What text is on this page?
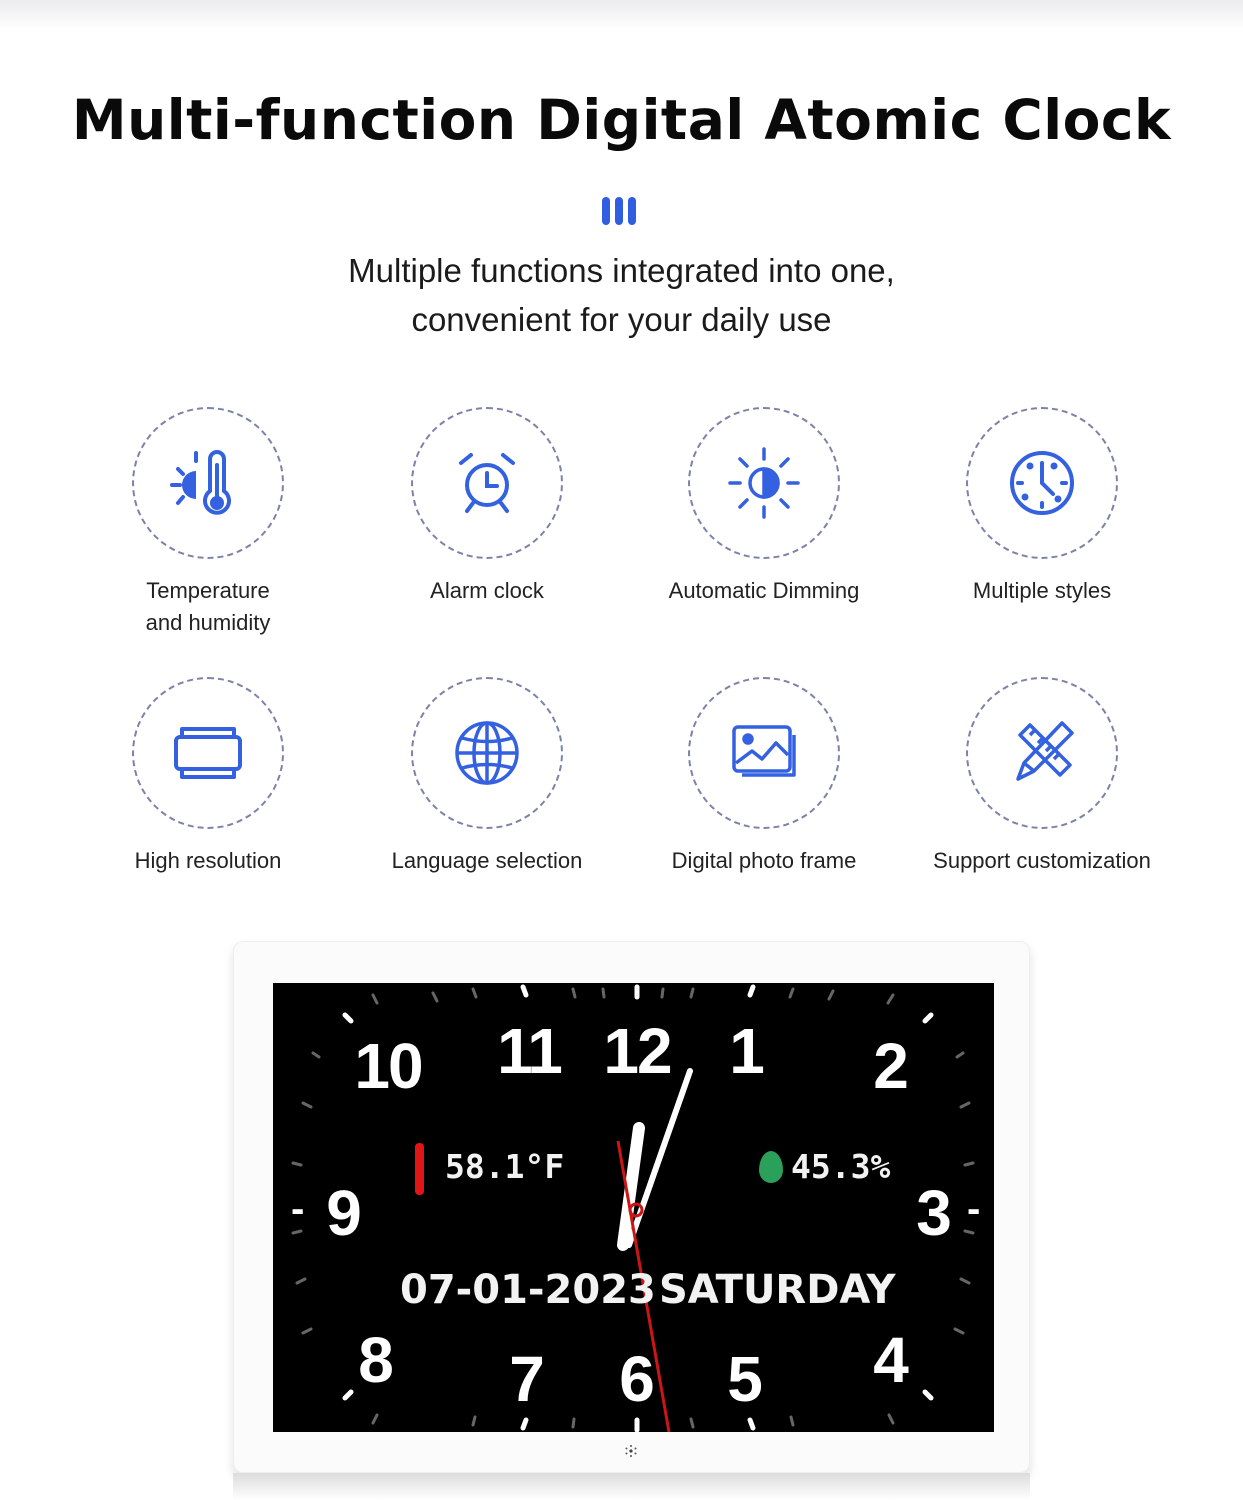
Multi-function Digital Atomic Clock
Multiple functions integrated into one,
convenient for your daily use
Temperature
and humidity
Alarm clock	Automatic Dimming	Multiple styles
High resolution	Language selection	Digital photo frame	Support customization
10 11 12 1 2
3
4
5
6
7
8
9
-	-
58.1°F	45.3%
07-01-2023 SATURDAY
